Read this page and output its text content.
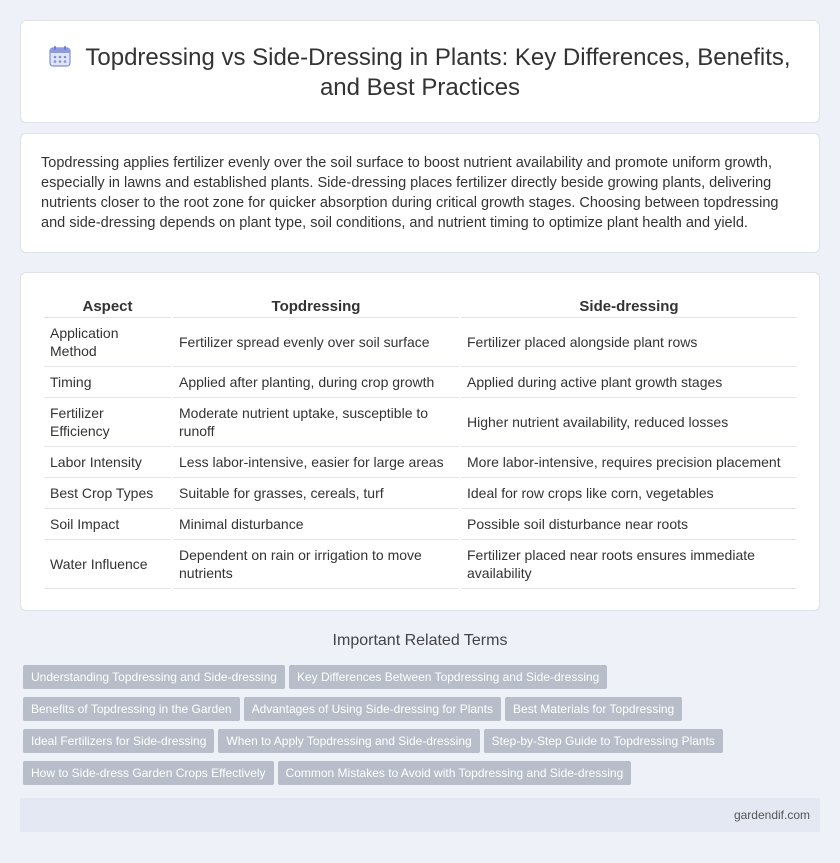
Topdressing vs Side-Dressing in Plants: Key Differences, Benefits, and Best Practices

Topdressing applies fertilizer evenly over the soil surface to boost nutrient availability and promote uniform growth, especially in lawns and established plants. Side-dressing places fertilizer directly beside growing plants, delivering nutrients closer to the root zone for quicker absorption during critical growth stages. Choosing between topdressing and side-dressing depends on plant type, soil conditions, and nutrient timing to optimize plant health and yield.

Aspect	Topdressing	Side-dressing
Application Method	Fertilizer spread evenly over soil surface	Fertilizer placed alongside plant rows
Timing	Applied after planting, during crop growth	Applied during active plant growth stages
Fertilizer Efficiency	Moderate nutrient uptake, susceptible to runoff	Higher nutrient availability, reduced losses
Labor Intensity	Less labor-intensive, easier for large areas	More labor-intensive, requires precision placement
Best Crop Types	Suitable for grasses, cereals, turf	Ideal for row crops like corn, vegetables
Soil Impact	Minimal disturbance	Possible soil disturbance near roots
Water Influence	Dependent on rain or irrigation to move nutrients	Fertilizer placed near roots ensures immediate availability
Important Related Terms
Understanding Topdressing and Side-dressing Key Differences Between Topdressing and Side-dressing
Benefits of Topdressing in the Garden Advantages of Using Side-dressing for Plants Best Materials for Topdressing
Ideal Fertilizers for Side-dressing When to Apply Topdressing and Side-dressing Step-by-Step Guide to Topdressing Plants
How to Side-dress Garden Crops Effectively Common Mistakes to Avoid with Topdressing and Side-dressing
gardendif.com
